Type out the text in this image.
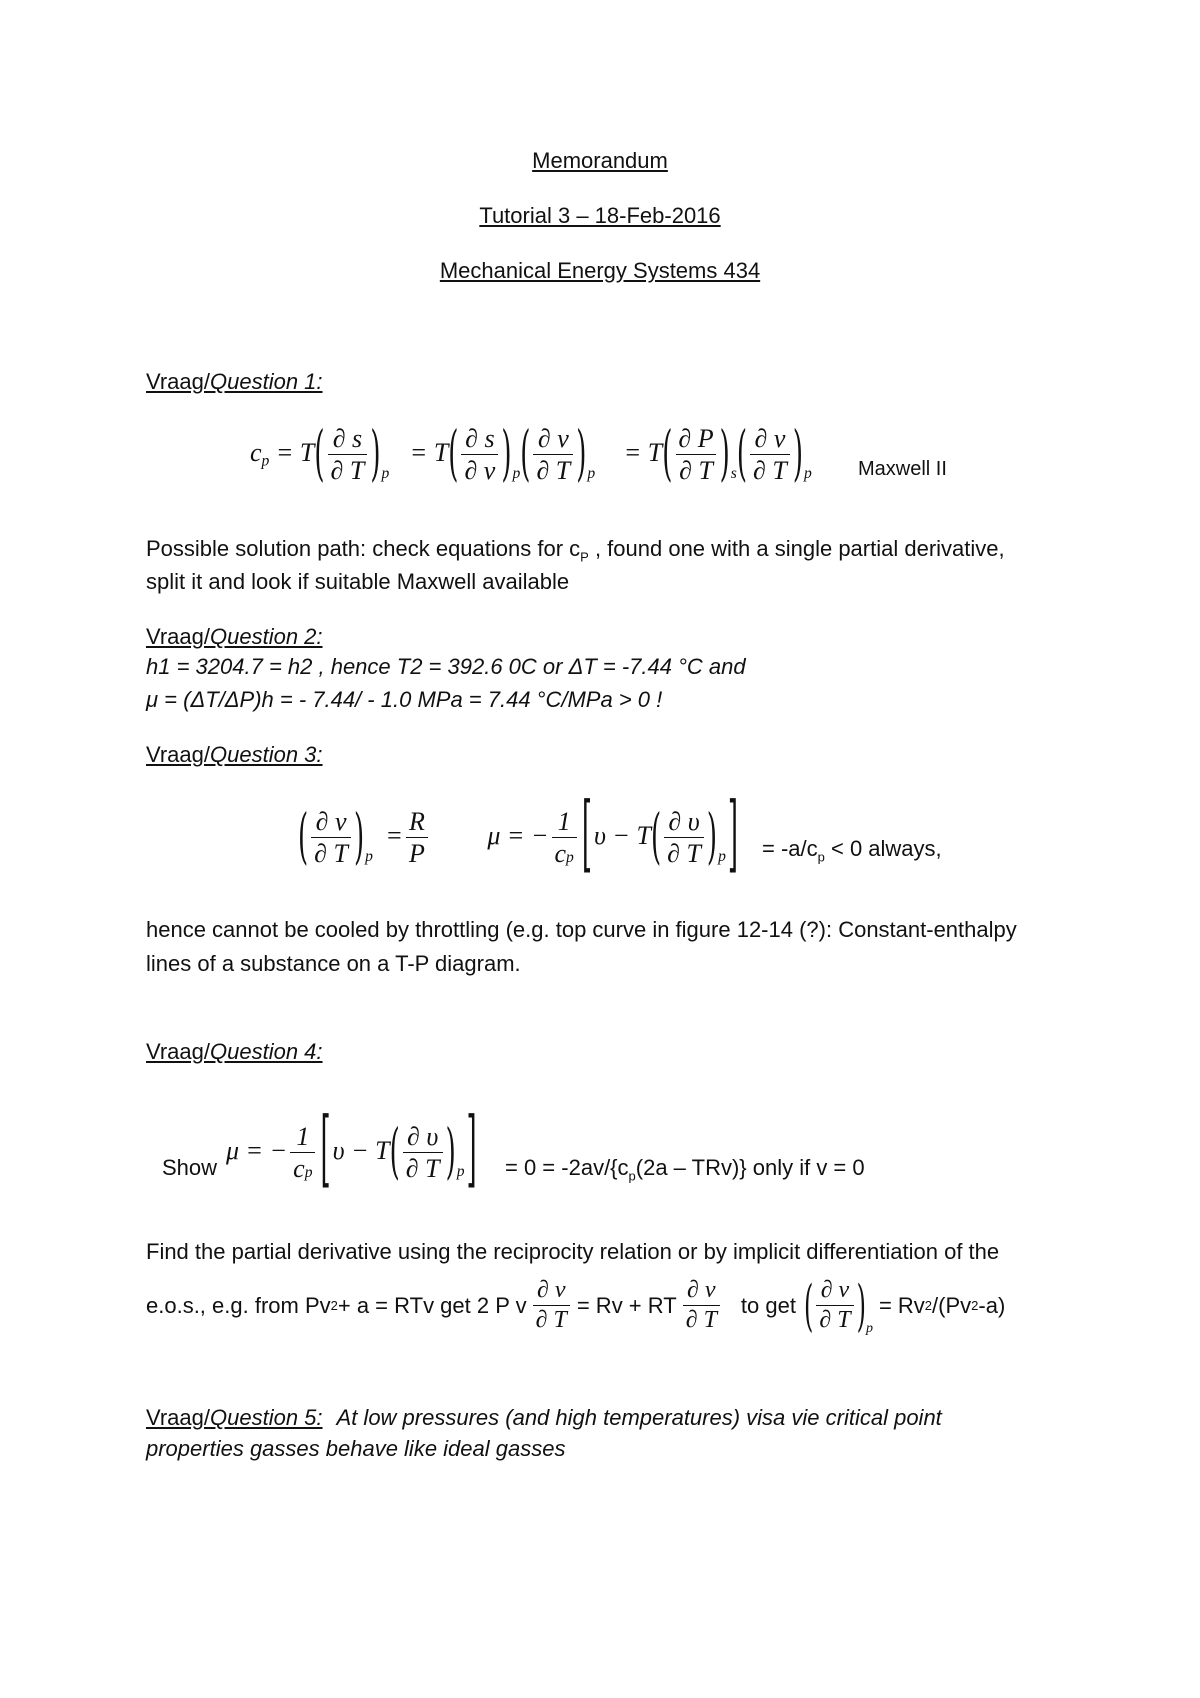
Memorandum
Tutorial 3 – 18-Feb-2016
Mechanical Energy Systems 434
Vraag/Question 1:
cp = T ( $\frac{\partial s}{\partial T}$ ) $_p$ = T ( $\frac{\partial s}{\partial v}$ ) $_p$ ( $\frac{\partial v}{\partial T}$ ) $_p$ = T ( $\frac{\partial P}{\partial T}$ ) $_s$ ( $\frac{\partial v}{\partial T}$ ) $_p$ Maxwell II
Possible solution path: check equations for $c_P$ , found one with a single partial derivative,
split it and look if suitable Maxwell available
Vraag/Question 2:
h1 = 3204.7 = h2 , hence T2 = 392.6 0C or ΔT = -7.44 °C and
μ = (ΔT/ΔP)h = - 7.44/ - 1.0 MPa = 7.44 °C/MPa > 0 !
Vraag/Question 3:
( $\frac{\partial v}{\partial T}$ ) $_p = \frac{R}{P}$ μ = − $\frac{1}{cp} [\upsilon - T$ ( $\frac{\partial \upsilon}{\partial T}$ ) $_p] = -a/c_p < 0$ always,
hence cannot be cooled by throttling (e.g. top curve in figure 12-14 (?): Constant-enthalpy
lines of a substance on a T-P diagram.
Vraag/Question 4:
Show
μ = − $\frac{1}{cp} [\upsilon - T$ ( $\frac{\partial \upsilon}{\partial T}$ ) $_p] = 0 = -2av/\{c_p(2a - TRv)\}$ only if v = 0
Find the partial derivative using the reciprocity relation or by implicit differentiation of the
e.o.s., e.g. from Pv 2 + a = RTv get 2 P v $\frac{\partial v}{\partial T} = Rv$ + RT $\frac{\partial v}{\partial T}$ to get ( $\frac{\partial v}{\partial T}$ ) p
= Rv 2 /(Pv 2 -a)
Vraag/Question 5: At low pressures (and high temperatures) visa vie critical point
properties gasses behave like ideal gasses
